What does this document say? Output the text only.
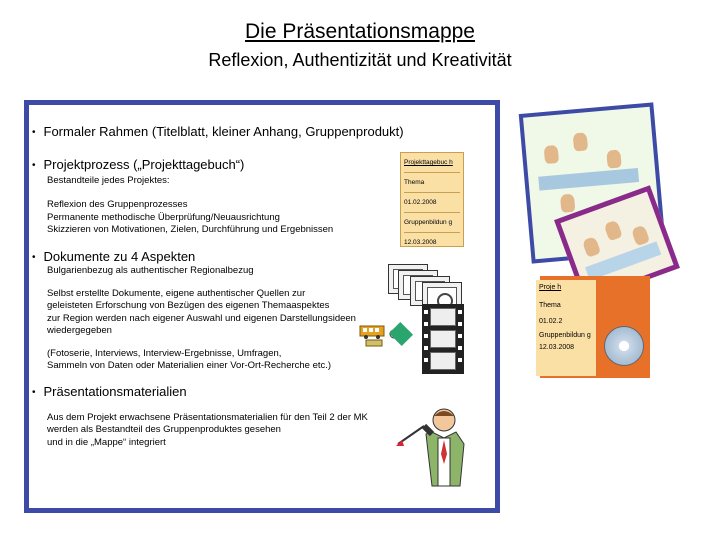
Die Präsentationsmappe
Reflexion, Authentizität und Kreativität
• Formaler Rahmen (Titelblatt, kleiner Anhang, Gruppenprodukt)
• Projektprozess („Projekttagebuch“)
Bestandteile jedes Projektes:
Reflexion des Gruppenprozesses
Permanente methodische Überprüfung/Neuausrichtung
Skizzieren von Motivationen, Zielen, Durchführung und Ergebnissen
Projekttagebuc h
Thema
01.02.2008
Gruppenbildun g
12.03.2008
• Dokumente zu 4 Aspekten
Bulgarienbezug als authentischer Regionalbezug
Selbst erstellte Dokumente, eigene authentischer Quellen zur
geleisteten Erforschung von Bezügen des eigenen Themaaspektes
zur Region werden nach eigener Auswahl und eigenen Darstellungsideen
wiedergegeben
(Fotoserie, Interviews, Interview-Ergebnisse, Umfragen,
Sammeln von Daten oder Materialien einer Vor-Ort-Recherche etc.)
• Präsentationsmaterialien
Aus dem Projekt erwachsene Präsentationsmaterialien für den Teil 2 der MK
werden als Bestandteil des Gruppenproduktes gesehen
und in die „Mappe“ integriert
Proje h
Thema
01.02.2
Gruppenbildun g
12.03.2008
